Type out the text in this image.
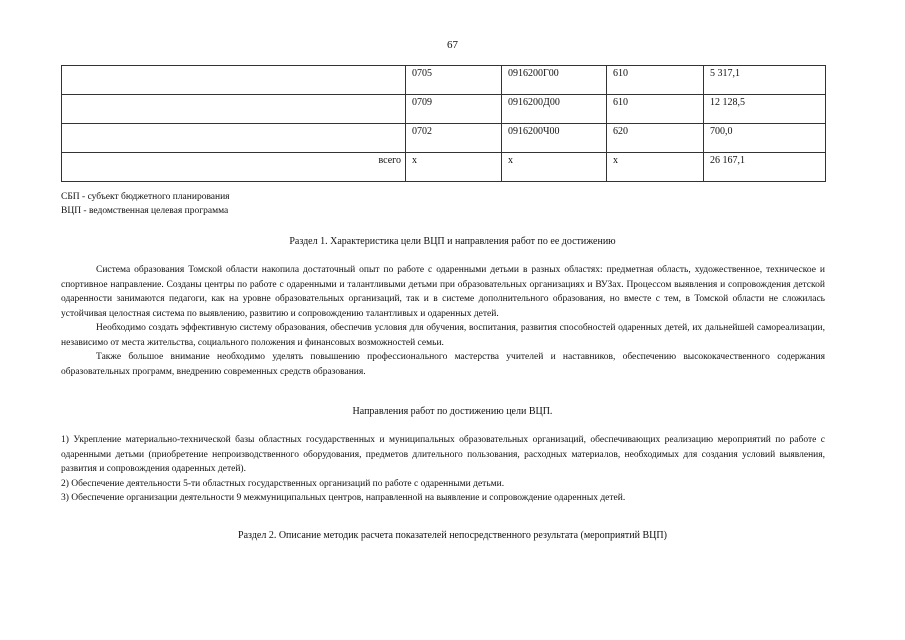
67
	0705	0916200Г00	610	5 317,1
	0709	0916200Д00	610	12 128,5
	0702	0916200Ч00	620	700,0
всего	х	х	х	26 167,1
СБП - субъект бюджетного планирования
ВЦП - ведомственная целевая программа
Раздел 1. Характеристика цели ВЦП и направления работ по ее достижению

Система образования Томской области накопила достаточный опыт по работе с одаренными детьми в разных областях: предметная область, художественное, техническое и спортивное направление. Созданы центры по работе с одаренными и талантливыми детьми при образовательных организациях и ВУЗах. Процессом выявления и сопровождения детской одаренности занимаются педагоги, как на уровне образовательных организаций, так и в системе дополнительного образования, но вместе с тем, в Томской области не сложилась устойчивая целостная система по выявлению, развитию и сопровождению талантливых и одаренных детей.

Необходимо создать эффективную систему образования, обеспечив условия для обучения, воспитания, развития способностей одаренных детей, их дальнейшей самореализации, независимо от места жительства, социального положения и финансовых возможностей семьи.

Также большое внимание необходимо уделять повышению профессионального мастерства учителей и наставников, обеспечению высококачественного содержания образовательных программ, внедрению современных средств образования.

Направления работ по достижению цели ВЦП.

1) Укрепление материально-технической базы областных государственных и муниципальных образовательных организаций, обеспечивающих реализацию мероприятий по работе с одаренными детьми (приобретение непроизводственного оборудования, предметов длительного пользования, расходных материалов, необходимых для создания условий выявления, развития и сопровождения одаренных детей).

2) Обеспечение деятельности 5-ти областных государственных организаций по работе с одаренными детьми.

3) Обеспечение организации деятельности 9 межмуниципальных центров, направленной на выявление и сопровождение одаренных детей.

Раздел 2. Описание методик расчета показателей непосредственного результата (мероприятий ВЦП)
